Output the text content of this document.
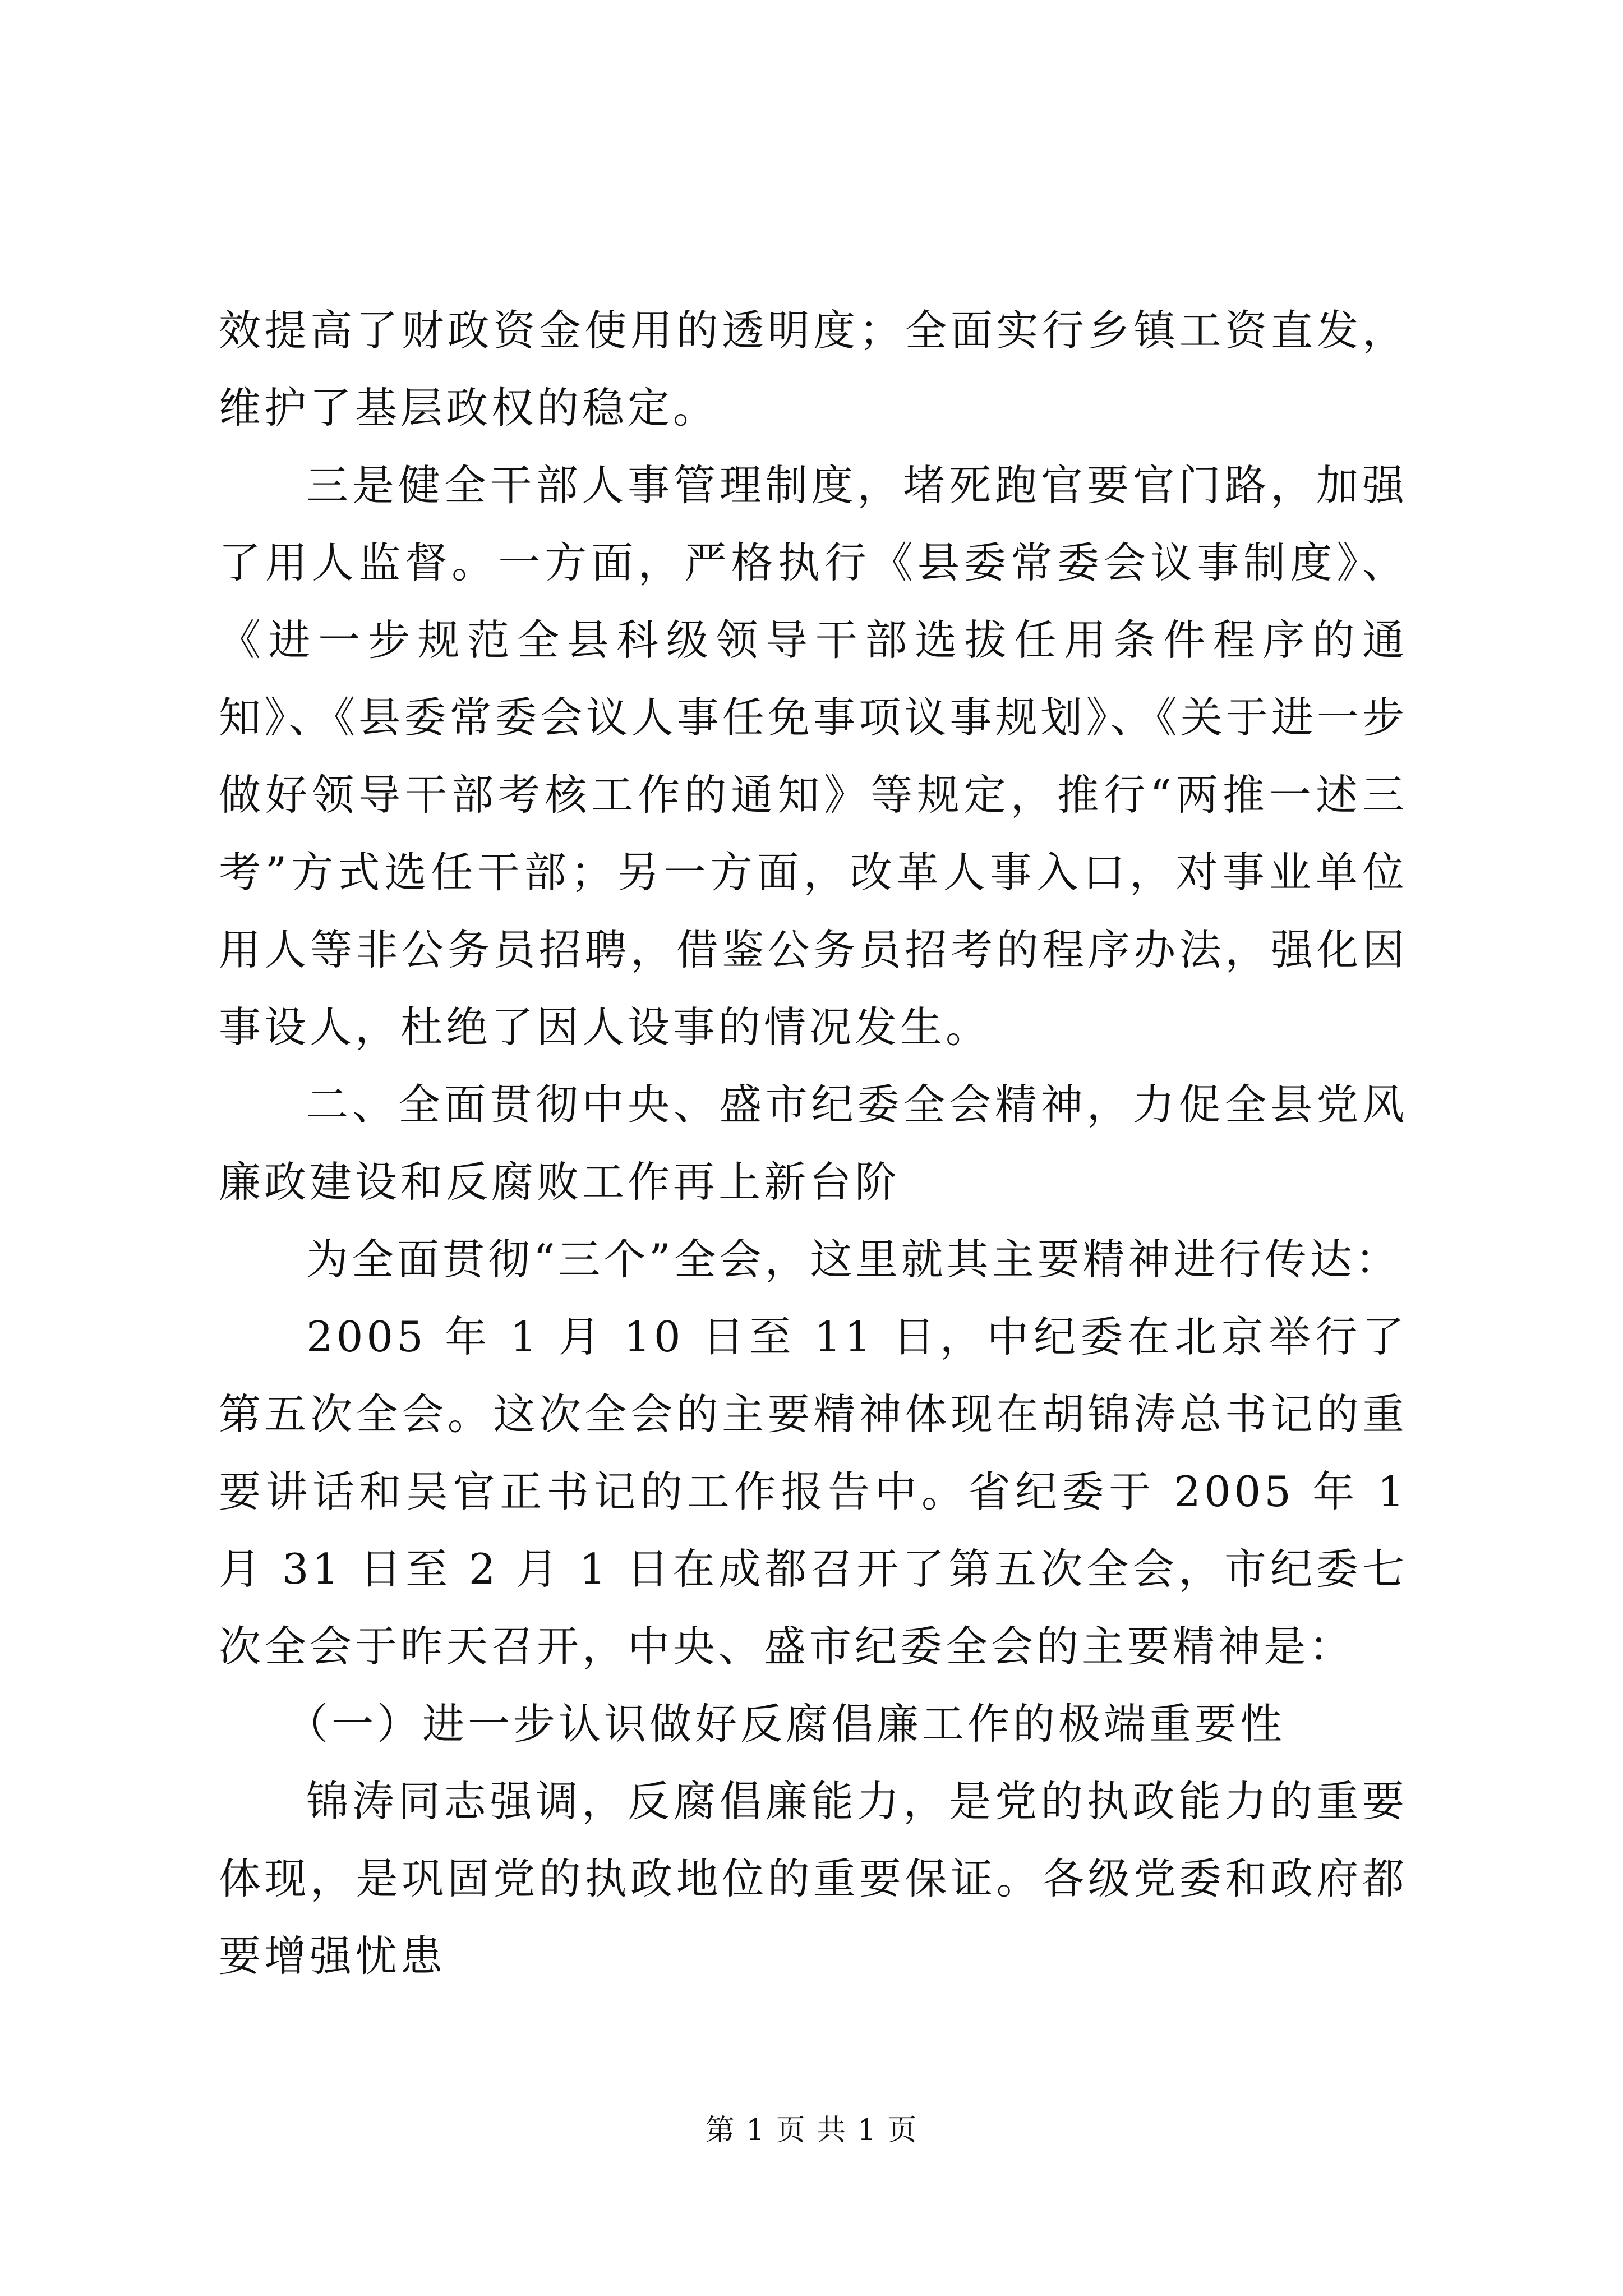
效提高了财政资金使用的透明度；全面实行乡镇工资直发，维护了基层政权的稳定。

三是健全干部人事管理制度，堵死跑官要官门路，加强了用人监督。一方面，严格执行《县委常委会议事制度》、《进一步规范全县科级领导干部选拔任用条件程序的通知》、《县委常委会议人事任免事项议事规划》、《关于进一步做好领导干部考核工作的通知》等规定，推行“两推一述三考”方式选任干部；另一方面，改革人事入口，对事业单位用人等非公务员招聘，借鉴公务员招考的程序办法，强化因事设人，杜绝了因人设事的情况发生。

二、全面贯彻中央、盛市纪委全会精神，力促全县党风廉政建设和反腐败工作再上新台阶

为全面贯彻“三个”全会，这里就其主要精神进行传达：

2005 年 1 月 10 日至 11 日，中纪委在北京举行了第五次全会。这次全会的主要精神体现在胡锦涛总书记的重要讲话和吴官正书记的工作报告中。省纪委于 2005 年 1 月 31 日至 2 月 1 日在成都召开了第五次全会，市纪委七次全会于昨天召开，中央、盛市纪委全会的主要精神是：

（一）进一步认识做好反腐倡廉工作的极端重要性

锦涛同志强调，反腐倡廉能力，是党的执政能力的重要体现，是巩固党的执政地位的重要保证。各级党委和政府都要增强忧患

第 1 页 共 1 页
